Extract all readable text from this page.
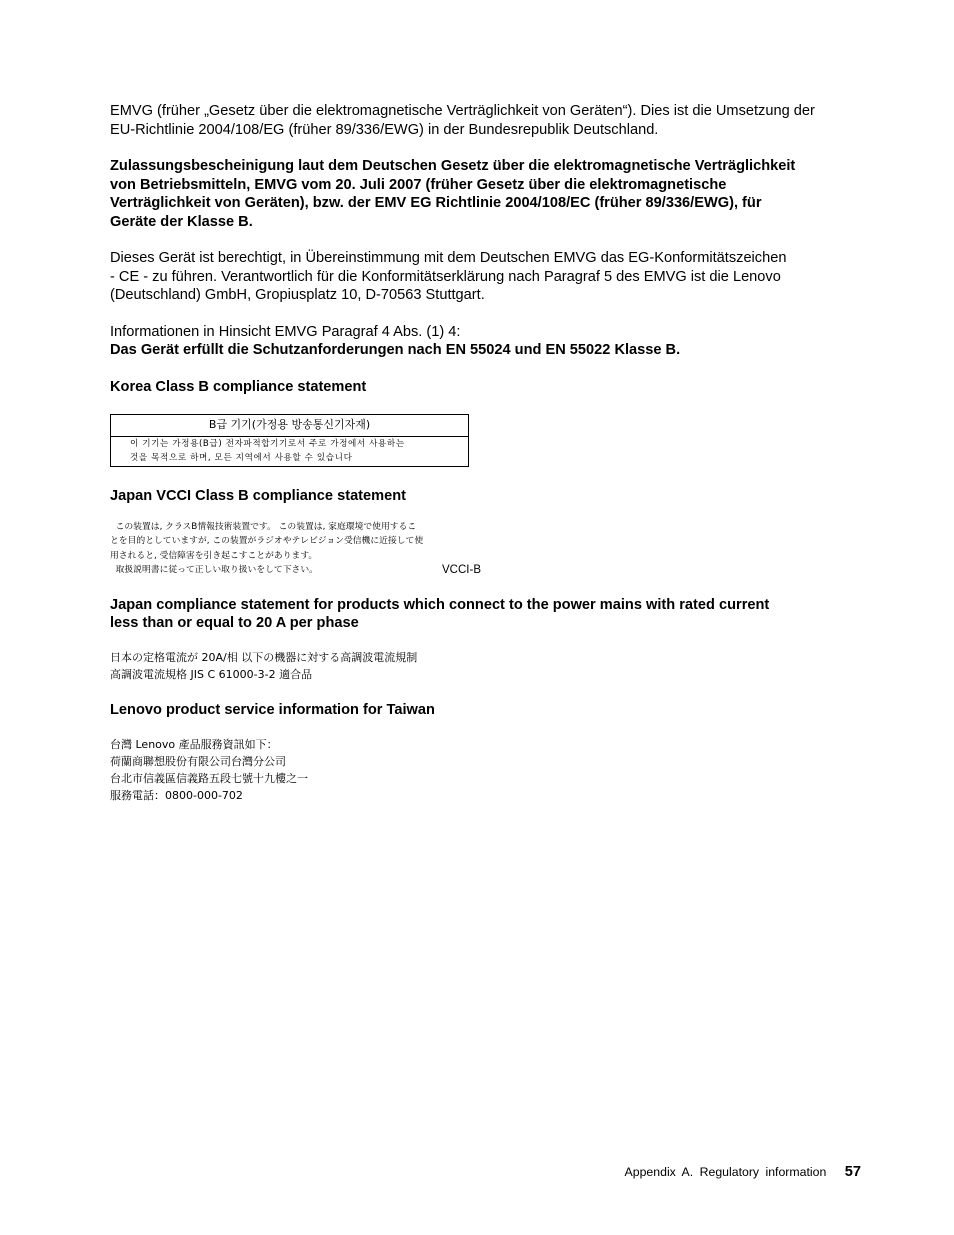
EMVG (früher „Gesetz über die elektromagnetische Verträglichkeit von Geräten“). Dies ist die Umsetzung der
EU-Richtlinie 2004/108/EG (früher 89/336/EWG) in der Bundesrepublik Deutschland.
Zulassungsbescheinigung laut dem Deutschen Gesetz über die elektromagnetische Verträglichkeit
von Betriebsmitteln, EMVG vom 20. Juli 2007 (früher Gesetz über die elektromagnetische
Verträglichkeit von Geräten), bzw. der EMV EG Richtlinie 2004/108/EC (früher 89/336/EWG), für
Geräte der Klasse B.
Dieses Gerät ist berechtigt, in Übereinstimmung mit dem Deutschen EMVG das EG-Konformitätszeichen
- CE - zu führen. Verantwortlich für die Konformitätserklärung nach Paragraf 5 des EMVG ist die Lenovo
(Deutschland) GmbH, Gropiusplatz 10, D-70563 Stuttgart.
Informationen in Hinsicht EMVG Paragraf 4 Abs. (1) 4:
Das Gerät erfüllt die Schutzanforderungen nach EN 55024 und EN 55022 Klasse B.
Korea Class B compliance statement
B급 기기(가정용 방송통신기자재)
이 기기는 가정용(B급) 전자파적합기기로서 주로 가정에서 사용하는
것을 목적으로 하며, 모든 지역에서 사용할 수 있습니다
Japan VCCI Class B compliance statement
この装置は, クラスB情報技術装置です。 この装置は, 家庭環境で使用するこ
とを目的としていますが, この装置がラジオやテレビジョン受信機に近接して使
用されると, 受信障害を引き起こすことがあります。
取扱説明書に従って正しい取り扱いをして下さい。	VCCI-B
Japan compliance statement for products which connect to the power mains with rated current
less than or equal to 20 A per phase
日本の定格電流が 20A/相 以下の機器に対する高調波電流規制
高調波電流規格 JIS C 61000-3-2 適合品
Lenovo product service information for Taiwan
台灣 Lenovo 產品服務資訊如下：
荷蘭商聯想股份有限公司台灣分公司
台北市信義區信義路五段七號十九樓之一
服務電話：0800-000-702
Appendix A. Regulatory information 57
